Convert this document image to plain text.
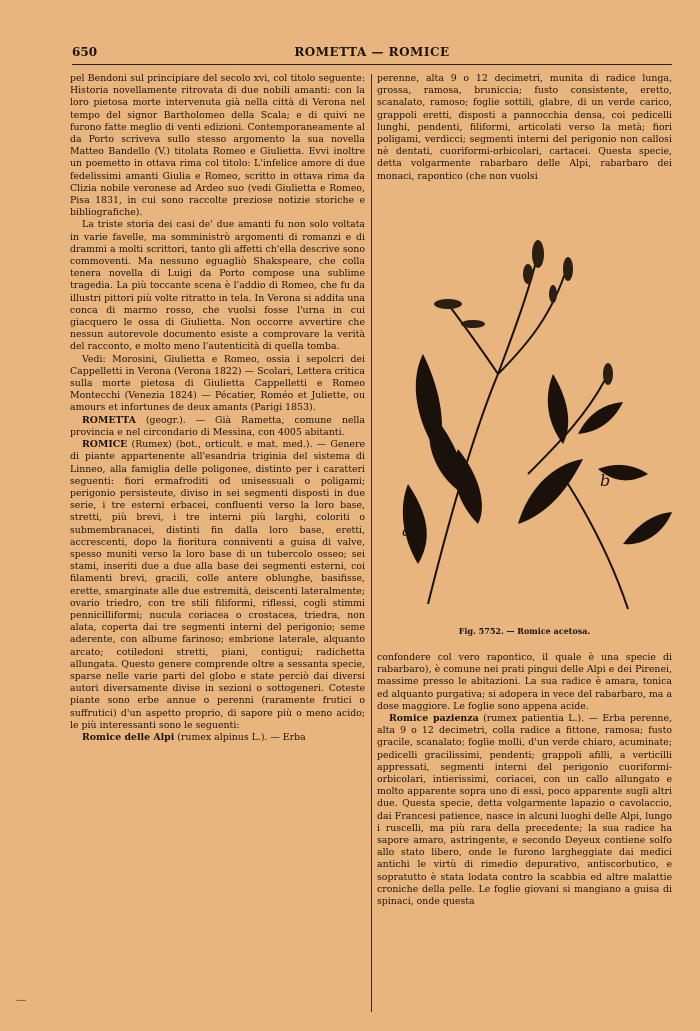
650	ROMETTA — ROMICE

pel Bendoni sul principiare del secolo xvi, col titolo seguente: Historia novellamente ritrovata di due nobili amanti: con la loro pietosa morte intervenuta già nella città di Verona nel tempo del signor Bartholomeo della Scala; e di quivi ne furono fatte meglio di venti edizioni. Contemporaneamente al da Porto scriveva sullo stesso argomento la sua novella Matteo Bandello (V.) titolata Romeo e Giulietta. Evvi inoltre un poemetto in ottava rima col titolo: L'infelice amore di due fedelissimi amanti Giulia e Romeo, scritto in ottava rima da Clizia nobile veronese ad Ardeo suo (vedi Giulietta e Romeo, Pisa 1831, in cui sono raccolte preziose notizie storiche e bibliografiche).

La triste storia dei casi de' due amanti fu non solo voltata in varie favelle, ma somministrò argomenti di romanzi e di drammi a molti scrittori, tanto gli affetti ch'ella descrive sono commoventi. Ma nessuno eguagliò Shakspeare, che colla tenera novella di Luigi da Porto compose una sublime tragedia. La più toccante scena è l'addio di Romeo, che fu da illustri pittori più volte ritratto in tela. In Verona si addita una conca di marmo rosso, che vuolsi fosse l'urna in cui giacquero le ossa di Giulietta. Non occorre avvertire che nessun autorevole documento esiste a comprovare la verità del racconto, e molto meno l'autenticità di quella tomba.

Vedi: Morosini, Giulietta e Romeo, ossia i sepolcri dei Cappelletti in Verona (Verona 1822) — Scolari, Lettera critica sulla morte pietosa di Giulietta Cappelletti e Romeo Montecchi (Venezia 1824) — Pécatier, Roméo et Juliette, ou amours et infortunes de deux amants (Parigi 1853).

ROMETTA (geogr.). — Già Rametta, comune nella provincia e nel circondario di Messina, con 4005 abitanti.

ROMICE (Rumex) (bot., orticult. e mat. med.). — Genere di piante appartenente all'esandria triginia del sistema di Linneo, alla famiglia delle poligonee, distinto per i caratteri seguenti: fiori ermafroditi od unisessuali o poligami; perigonio persisteute, diviso in sei segmenti disposti in due serie, i tre esterni erbacei, confluenti verso la loro base, stretti, più brevi, i tre interni più larghi, coloriti o submembranacei, distinti fin dalla loro base, eretti, accrescenti, dopo la fioritura conniventi a guisa di valve, spesso muniti verso la loro base di un tubercolo osseo; sei stami, inseriti due a due alla base dei segmenti esterni, coi filamenti brevi, gracili, colle antere oblunghe, basifisse, erette, smarginate alle due estremità, deiscenti lateralmente; ovario triedro, con tre stili filiformi, riflessi, cogli stimmi pennicilliformi; nucula coriacea o crostacea, triedra, non alata, coperta dai tre segmenti interni del perigonio; seme aderente, con albume farinoso; embrione laterale, alquanto arcato; cotiledoni stretti, piani, contigui; radichetta allungata. Questo genere comprende oltre a sessanta specie, sparse nelle varie parti del globo e state perciò dai diversi autori diversamente divise in sezioni o sottogeneri. Coteste piante sono erbe annue o perenni (raramente frutici o suffrutici) d'un aspetto proprio, di sapore più o meno acido; le più interessanti sono le seguenti:

Romice delle Alpi (rumex alpinus L.). — Erba

perenne, alta 9 o 12 decimetri, munita di radice lunga, grossa, ramosa, bruniccia; fusto consistente, eretto, scanalato, ramoso; foglie sottili, glabre, di un verde carico, grappoli eretti, disposti a pannocchia densa, coi pedicelli lunghi, pendenti, filiformi, articolati verso la metà; fiori poligami, verdicci; segmenti interni del perigonio non callosi nè dentati, cuoriformi-orbicolari, cartacei. Questa specie, detta volgarmente rabarbaro delle Alpi, rabarbaro dei monaci, rapontico (che non vuolsi

a
b
Fig. 5752. — Romice acetosa.

confondere col vero rapontico, il quale è una specie di rabarbaro), è comune nei prati pingui delle Alpi e dei Pirenei, massime presso le abitazioni. La sua radice è amara, tonica ed alquanto purgativa; si adopera in vece del rabarbaro, ma a dose maggiore. Le foglie sono appena acide.

Romice pazienza (rumex patientia L.). — Erba perenne, alta 9 o 12 decimetri, colla radice a fittone, ramosa; fusto gracile, scanalato; foglie molli, d'un verde chiaro, acuminate; pedicelli gracilissimi, pendenti; grappoli afilli, a verticilli appressati, segmenti interni del perigonio cuoriformi-orbicolari, intierissimi, coriacei, con un callo allungato e molto apparente sopra uno di essi, poco apparente sugli altri due. Questa specie, detta volgarmente lapazio o cavolaccio, dai Francesi patience, nasce in alcuni luoghi delle Alpi, lungo i ruscelli, ma più rara della precedente; la sua radice ha sapore amaro, astringente, e secondo Deyeux contiene solfo allo stato libero, onde le furono largheggiate dai medici antichi le virtù di rimedio depurativo, antiscorbutico, e sopratutto è stata lodata contro la scabbia ed altre malattie croniche della pelle. Le foglie giovani si mangiano a guisa di spinaci, onde questa

—
